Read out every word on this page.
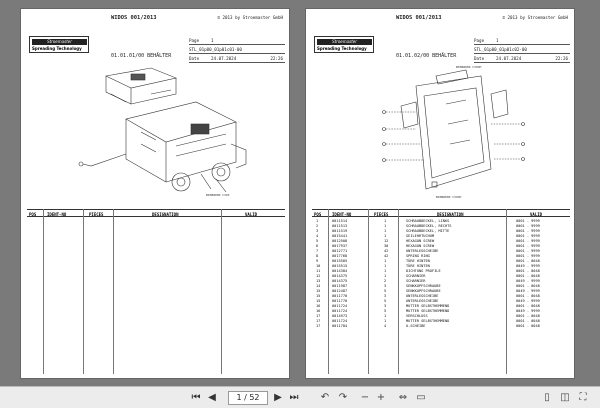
WIDOS 001/2013	© 2013 by Stroemaster GmbH
Stroemaster
Spreading Technology
Page	1
STL_01p00_01p01c01-00
Date	24.07.2024	22:26
01.01.01/00 BEHÄLTER
B03BW000 C3XX
POS	IDENT-NO	PIECES	DESIGNATION	VALID
WIDOS 001/2013	© 2013 by Stroemaster GmbH
Stroemaster
Spreading Technology
Page	1
STL_01p00_01p01c02-00
Date	24.07.2024	22:26
01.01.02/00 BEHÄLTER
B03BW000 C3XXH
B03BW000 C3XXH
POS	IDENT-NO	PIECES	DESIGNATION	VALID
1	0011514	1	SCHRAUBDECKEL, LINKS	0001 - 9999
2	0011513	1	SCHRAUBDECKEL, RECHTS	0001 - 9999
3	0011519	1	SCHRAUBDECKEL, MITTE	0001 - 9999
4	0015441	1	SEILEHRTUCHUM	0001 - 9999
5	0012508	12	HEXAGON SCREW	0001 - 9999
6	0017937	30	HEXAGON SCREW	0001 - 9999
7	0012771	42	UNTERLEGSCHEIBE	0001 - 9999
8	0017768	42	SPRING RING	0001 - 9999
9	0015505	1	TÜRE HINTEN	0001 - 0048
10	0015515	1	TÜRE HINTEN	0049 - 9999
11	0014384	1	DICHTUNG PROFILE	0001 - 0048
12	0014375	1	SCHARNIER	0001 - 0048
13	0014375	2	SCHARNIER	0049 - 9999
14	0011987	3	SENKKOPFSCHRAUBE	0001 - 0048
15	0012487	5	SENKKOPFSCHRAUBE	0049 - 9999
15	0011770	3	UNTERLEGSCHEIBE	0001 - 0048
15	0011770	5	UNTERLEGSCHEIBE	0049 - 9999
16	0011724	3	MUTTER SELBSTHEMMEND	0001 - 0048
16	0011724	5	MUTTER SELBSTHEMMEND	0049 - 9999
17	0014973	1	VERSCHLUSS	0001 - 0048
17	0011724	1	MUTTER SELBSTHEMMEND	0001 - 0048
17	0011784	4	U-SCHEIBE	0001 - 0048
⏮ ◀	1 / 52	▶ ⏭ ↶ ↷ − + ⇔ ▭	▯	◫ ⛶
